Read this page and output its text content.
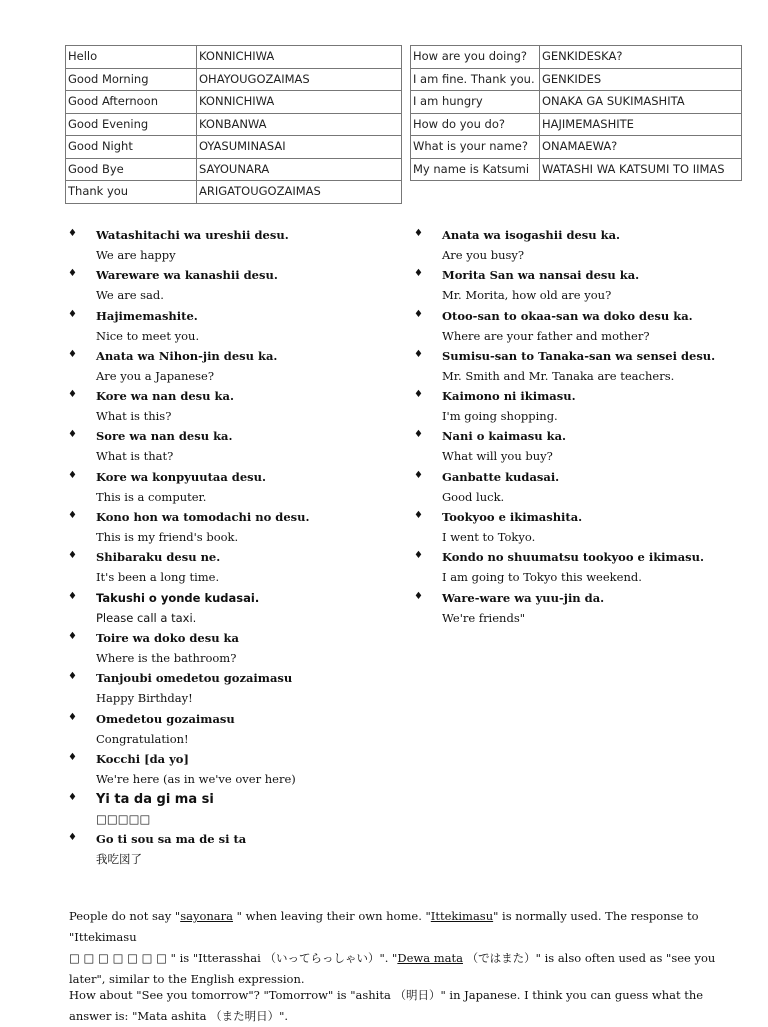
Hello	KONNICHIWA
Good Morning	OHAYOUGOZAIMAS
Good Afternoon	KONNICHIWA
Good Evening	KONBANWA
Good Night	OYASUMINASAI
Good Bye	SAYOUNARA
Thank you	ARIGATOUGOZAIMAS
How are you doing?	GENKIDESKA?
I am fine. Thank you.	GENKIDES
I am hungry	ONAKA GA SUKIMASHITA
How do you do?	HAJIMEMASHITE
What is your name?	ONAMAEWA?
My name is Katsumi	WATASHI WA KATSUMI TO IIMAS
♦ Watashitachi wa ureshii desu.
We are happy
♦ Wareware wa kanashii desu.
We are sad.
♦ Hajimemashite.
Nice to meet you.
♦ Anata wa Nihon-jin desu ka.
Are you a Japanese?
♦ Kore wa nan desu ka.
What is this?
♦ Sore wa nan desu ka.
What is that?
♦ Kore wa konpyuutaa desu.
This is a computer.
♦ Kono hon wa tomodachi no desu.
This is my friend's book.
♦ Shibaraku desu ne.
It's been a long time.
♦ Takushi o yonde kudasai.
Please call a taxi.
♦ Toire wa doko desu ka
Where is the bathroom?
♦ Tanjoubi omedetou gozaimasu
Happy Birthday!
♦ Omedetou gozaimasu
Congratulation!
♦ Kocchi [da yo]
We're here (as in we've over here)
♦ Yi ta da gi ma si
□□□□□
♦ Go ti sou sa ma de si ta
我吃図了
♦ Anata wa isogashii desu ka.
Are you busy?
♦ Morita San wa nansai desu ka.
Mr. Morita, how old are you?
♦ Otoo-san to okaa-san wa doko desu ka.
Where are your father and mother?
♦ Sumisu-san to Tanaka-san wa sensei desu.
Mr. Smith and Mr. Tanaka are teachers.
♦ Kaimono ni ikimasu.
I'm going shopping.
♦ Nani o kaimasu ka.
What will you buy?
♦ Ganbatte kudasai.
Good luck.
♦ Tookyoo e ikimashita.
I went to Tokyo.
♦ Kondo no shuumatsu tookyoo e ikimasu.
I am going to Tokyo this weekend.
♦ Ware-ware wa yuu-jin da.
We're friends"

People do not say "sayonara " when leaving their own home. "Ittekimasu" is normally used. The response to "Ittekimasu
□ □ □ □ □ □ □ " is "Itterasshai （いってらっしゃい）". "Dewa mata （ではまた）" is also often used as "see you later", similar to the English expression.

How about "See you tomorrow"? "Tomorrow" is "ashita （明日）" in Japanese. I think you can guess what the answer is: "Mata ashita （また明日）".
